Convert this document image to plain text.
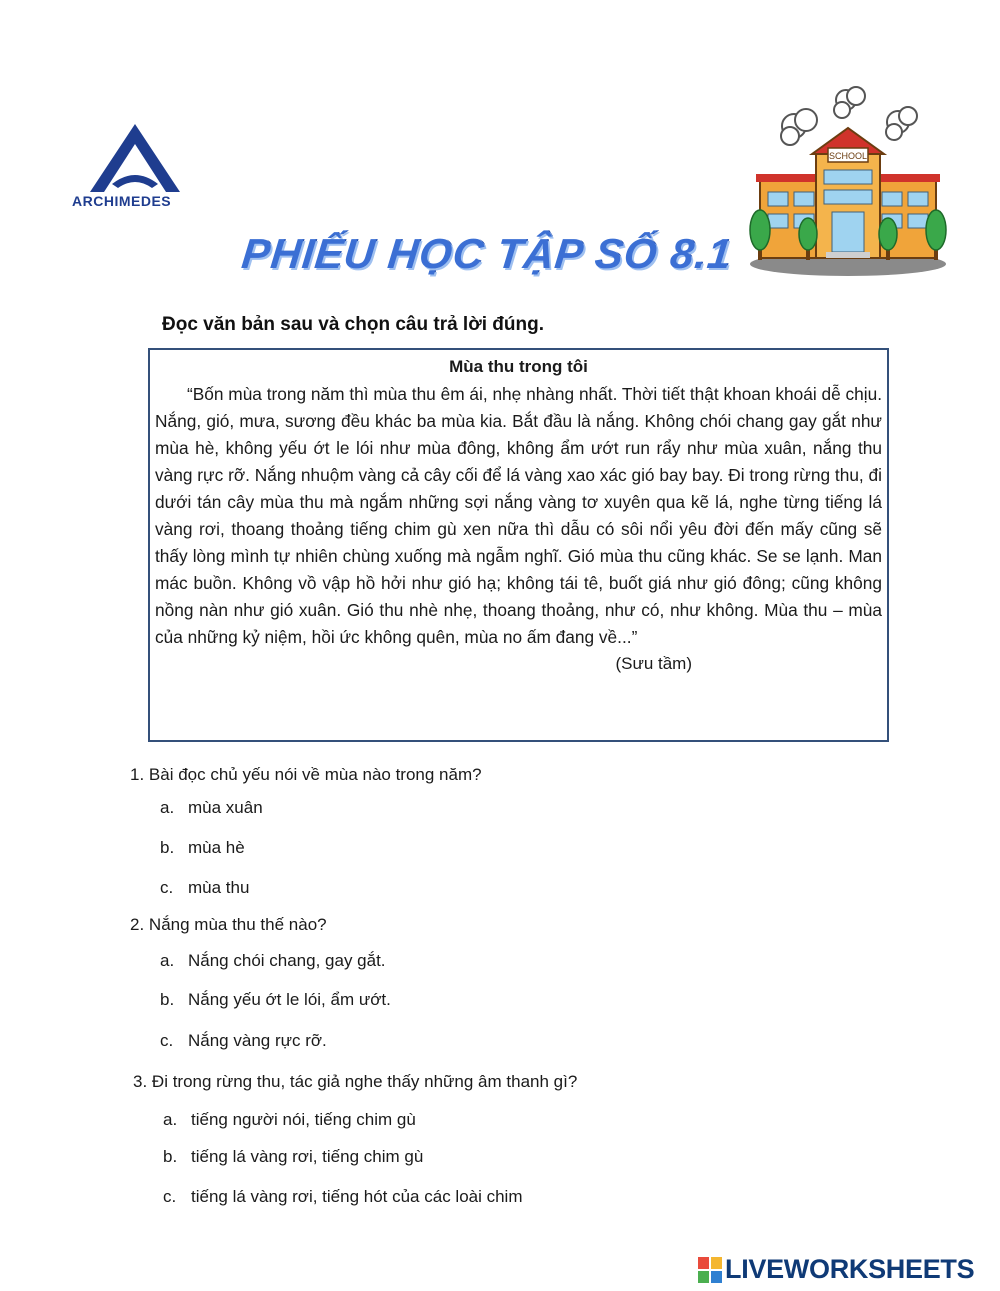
ARCHIMEDES
PHIẾU HỌC TẬP SỐ 8.1
SCHOOL
Đọc văn bản sau và chọn câu trả lời đúng.
Mùa thu trong tôi

“Bốn mùa trong năm thì mùa thu êm ái, nhẹ nhàng nhất. Thời tiết thật khoan khoái dễ chịu. Nắng, gió, mưa, sương đều khác ba mùa kia. Bắt đầu là nắng. Không chói chang gay gắt như mùa hè, không yếu ớt le lói như mùa đông, không ẩm ướt run rẩy như mùa xuân, nắng thu vàng rực rỡ. Nắng nhuộm vàng cả cây cối để lá vàng xao xác gió bay bay. Đi trong rừng thu, đi dưới tán cây mùa thu mà ngắm những sợi nắng vàng tơ xuyên qua kẽ lá, nghe từng tiếng lá vàng rơi, thoang thoảng tiếng chim gù xen nữa thì dẫu có sôi nổi yêu đời đến mấy cũng sẽ thấy lòng mình tự nhiên chùng xuống mà ngẫm nghĩ. Gió mùa thu cũng khác. Se se lạnh. Man mác buồn. Không vồ vập hồ hởi như gió hạ; không tái tê, buốt giá như gió đông; cũng không nồng nàn như gió xuân. Gió thu nhè nhẹ, thoang thoảng, như có, như không. Mùa thu – mùa của những kỷ niệm, hồi ức không quên, mùa no ấm đang về...”

(Sưu tầm)
1. Bài đọc chủ yếu nói về mùa nào trong năm?
a. mùa xuân
b. mùa hè
c. mùa thu
2. Nắng mùa thu thế nào?
a. Nắng chói chang, gay gắt.
b. Nắng yếu ớt le lói, ẩm ướt.
c. Nắng vàng rực rỡ.
3. Đi trong rừng thu, tác giả nghe thấy những âm thanh gì?
a. tiếng người nói, tiếng chim gù
b. tiếng lá vàng rơi, tiếng chim gù
c. tiếng lá vàng rơi, tiếng hót của các loài chim
LIVEWORKSHEETS
